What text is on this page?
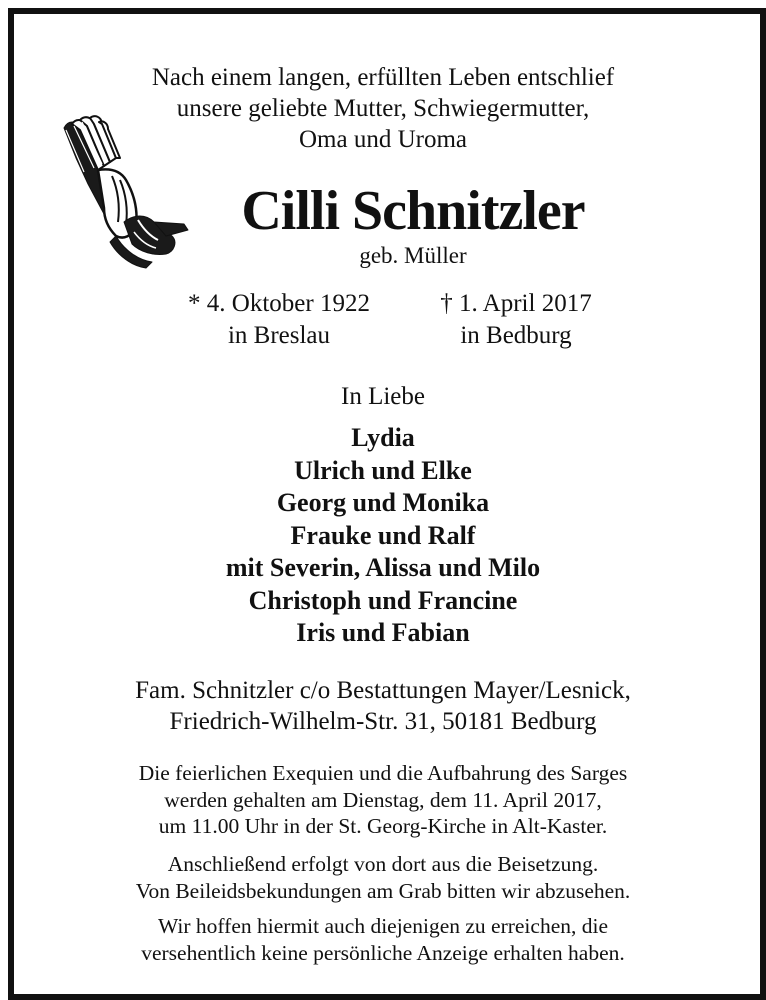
Nach einem langen, erfüllten Leben entschlief
unsere geliebte Mutter, Schwiegermutter,
Oma und Uroma
Cilli Schnitzler
geb. Müller
* 4. Oktober 1922
in Breslau
† 1. April 2017
in Bedburg
In Liebe
Lydia
Ulrich und Elke
Georg und Monika
Frauke und Ralf
mit Severin, Alissa und Milo
Christoph und Francine
Iris und Fabian
Fam. Schnitzler c/o Bestattungen Mayer/Lesnick,
Friedrich-Wilhelm-Str. 31, 50181 Bedburg
Die feierlichen Exequien und die Aufbahrung des Sarges
werden gehalten am Dienstag, dem 11. April 2017,
um 11.00 Uhr in der St. Georg-Kirche in Alt-Kaster.
Anschließend erfolgt von dort aus die Beisetzung.
Von Beileidsbekundungen am Grab bitten wir abzusehen.
Wir hoffen hiermit auch diejenigen zu erreichen, die
versehentlich keine persönliche Anzeige erhalten haben.
